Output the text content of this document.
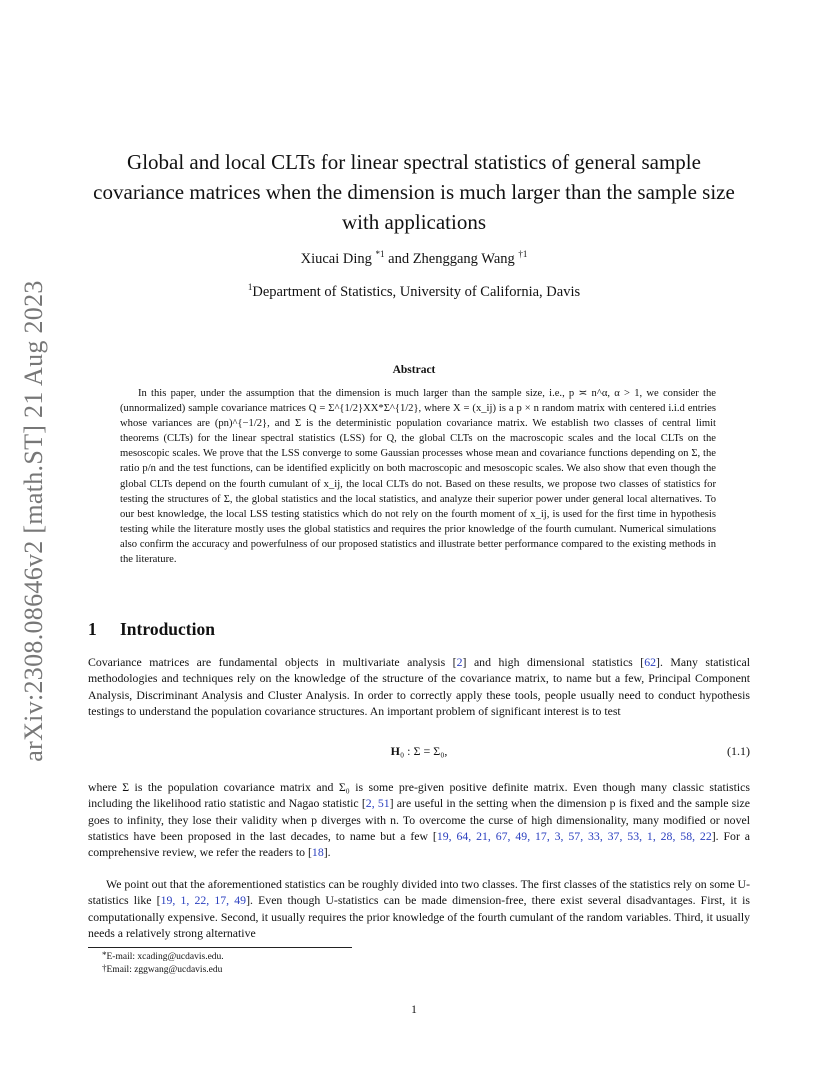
arXiv:2308.08646v2 [math.ST] 21 Aug 2023
Global and local CLTs for linear spectral statistics of general sample covariance matrices when the dimension is much larger than the sample size with applications
Xiucai Ding $^{*1}$ and Zhenggang Wang $^{\dagger 1}$
$^1$Department of Statistics, University of California, Davis
Abstract
In this paper, under the assumption that the dimension is much larger than the sample size, i.e., p ≍ n^α, α > 1, we consider the (unnormalized) sample covariance matrices Q = Σ^{1/2}XX*Σ^{1/2}, where X = (x_ij) is a p × n random matrix with centered i.i.d entries whose variances are (pn)^{−1/2}, and Σ is the deterministic population covariance matrix. We establish two classes of central limit theorems (CLTs) for the linear spectral statistics (LSS) for Q, the global CLTs on the macroscopic scales and the local CLTs on the mesoscopic scales. We prove that the LSS converge to some Gaussian processes whose mean and covariance functions depending on Σ, the ratio p/n and the test functions, can be identified explicitly on both macroscopic and mesoscopic scales. We also show that even though the global CLTs depend on the fourth cumulant of x_ij, the local CLTs do not. Based on these results, we propose two classes of statistics for testing the structures of Σ, the global statistics and the local statistics, and analyze their superior power under general local alternatives. To our best knowledge, the local LSS testing statistics which do not rely on the fourth moment of x_ij, is used for the first time in hypothesis testing while the literature mostly uses the global statistics and requires the prior knowledge of the fourth cumulant. Numerical simulations also confirm the accuracy and powerfulness of our proposed statistics and illustrate better performance compared to the existing methods in the literature.
1 Introduction
Covariance matrices are fundamental objects in multivariate analysis [2] and high dimensional statistics [62]. Many statistical methodologies and techniques rely on the knowledge of the structure of the covariance matrix, to name but a few, Principal Component Analysis, Discriminant Analysis and Cluster Analysis. In order to correctly apply these tools, people usually need to conduct hypothesis testings to understand the population covariance structures. An important problem of significant interest is to test
H₀ : Σ = Σ₀,	(1.1)
where Σ is the population covariance matrix and Σ₀ is some pre-given positive definite matrix. Even though many classic statistics including the likelihood ratio statistic and Nagao statistic [2, 51] are useful in the setting when the dimension p is fixed and the sample size goes to infinity, they lose their validity when p diverges with n. To overcome the curse of high dimensionality, many modified or novel statistics have been proposed in the last decades, to name but a few [19, 64, 21, 67, 49, 17, 3, 57, 33, 37, 53, 1, 28, 58, 22]. For a comprehensive review, we refer the readers to [18].
We point out that the aforementioned statistics can be roughly divided into two classes. The first classes of the statistics rely on some U-statistics like [19, 1, 22, 17, 49]. Even though U-statistics can be made dimension-free, there exist several disadvantages. First, it is computationally expensive. Second, it usually requires the prior knowledge of the fourth cumulant of the random variables. Third, it usually needs a relatively strong alternative
*E-mail: xcading@ucdavis.edu.
†Email: zggwang@ucdavis.edu
1
